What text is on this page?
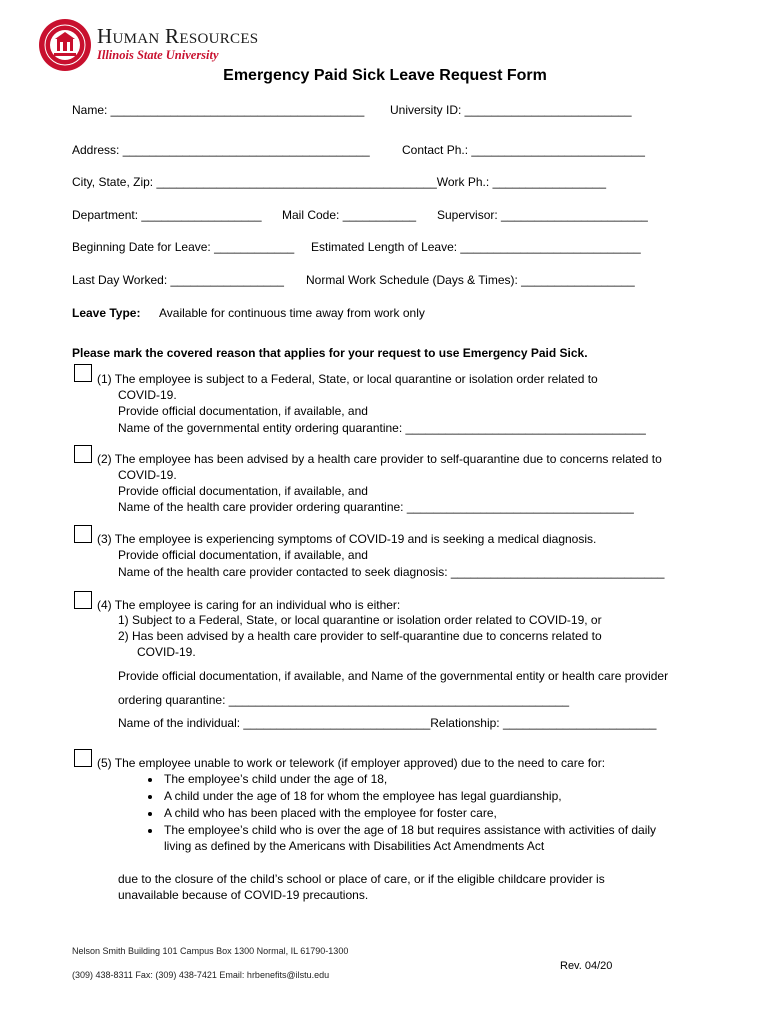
Human Resources
Illinois State University
Emergency Paid Sick Leave Request Form
Name: ______________________________________ University ID: _________________________
Address: _____________________________________	Contact Ph.: __________________________
City, State, Zip: __________________________________________Work Ph.: _________________
Department: __________________ Mail Code: ___________ Supervisor: ______________________
Beginning Date for Leave: ____________ Estimated Length of Leave: ___________________________
Last Day Worked: _________________ Normal Work Schedule (Days & Times): _________________
Leave Type: Available for continuous time away from work only
Please mark the covered reason that applies for your request to use Emergency Paid Sick.
(1) The employee is subject to a Federal, State, or local quarantine or isolation order related to
COVID-19.
Provide official documentation, if available, and
Name of the governmental entity ordering quarantine: ____________________________________
(2) The employee has been advised by a health care provider to self-quarantine due to concerns related to
COVID-19.
Provide official documentation, if available, and
Name of the health care provider ordering quarantine: __________________________________
(3) The employee is experiencing symptoms of COVID-19 and is seeking a medical diagnosis.
Provide official documentation, if available, and
Name of the health care provider contacted to seek diagnosis: ________________________________
(4) The employee is caring for an individual who is either:
1) Subject to a Federal, State, or local quarantine or isolation order related to COVID-19, or
2) Has been advised by a health care provider to self-quarantine due to concerns related to
COVID-19.
Provide official documentation, if available, and Name of the governmental entity or health care provider
ordering quarantine: ___________________________________________________
Name of the individual: ____________________________Relationship: _______________________
(5) The employee unable to work or telework (if employer approved) due to the need to care for:
The employee’s child under the age of 18,
A child under the age of 18 for whom the employee has legal guardianship,
A child who has been placed with the employee for foster care,
The employee’s child who is over the age of 18 but requires assistance with activities of daily
living as defined by the Americans with Disabilities Act Amendments Act
due to the closure of the child’s school or place of care, or if the eligible childcare provider is
unavailable because of COVID-19 precautions.
Nelson Smith Building 101 Campus Box 1300 Normal, IL 61790-1300
Rev. 04/20
(309) 438-8311 Fax: (309) 438-7421 Email: hrbenefits@ilstu.edu
